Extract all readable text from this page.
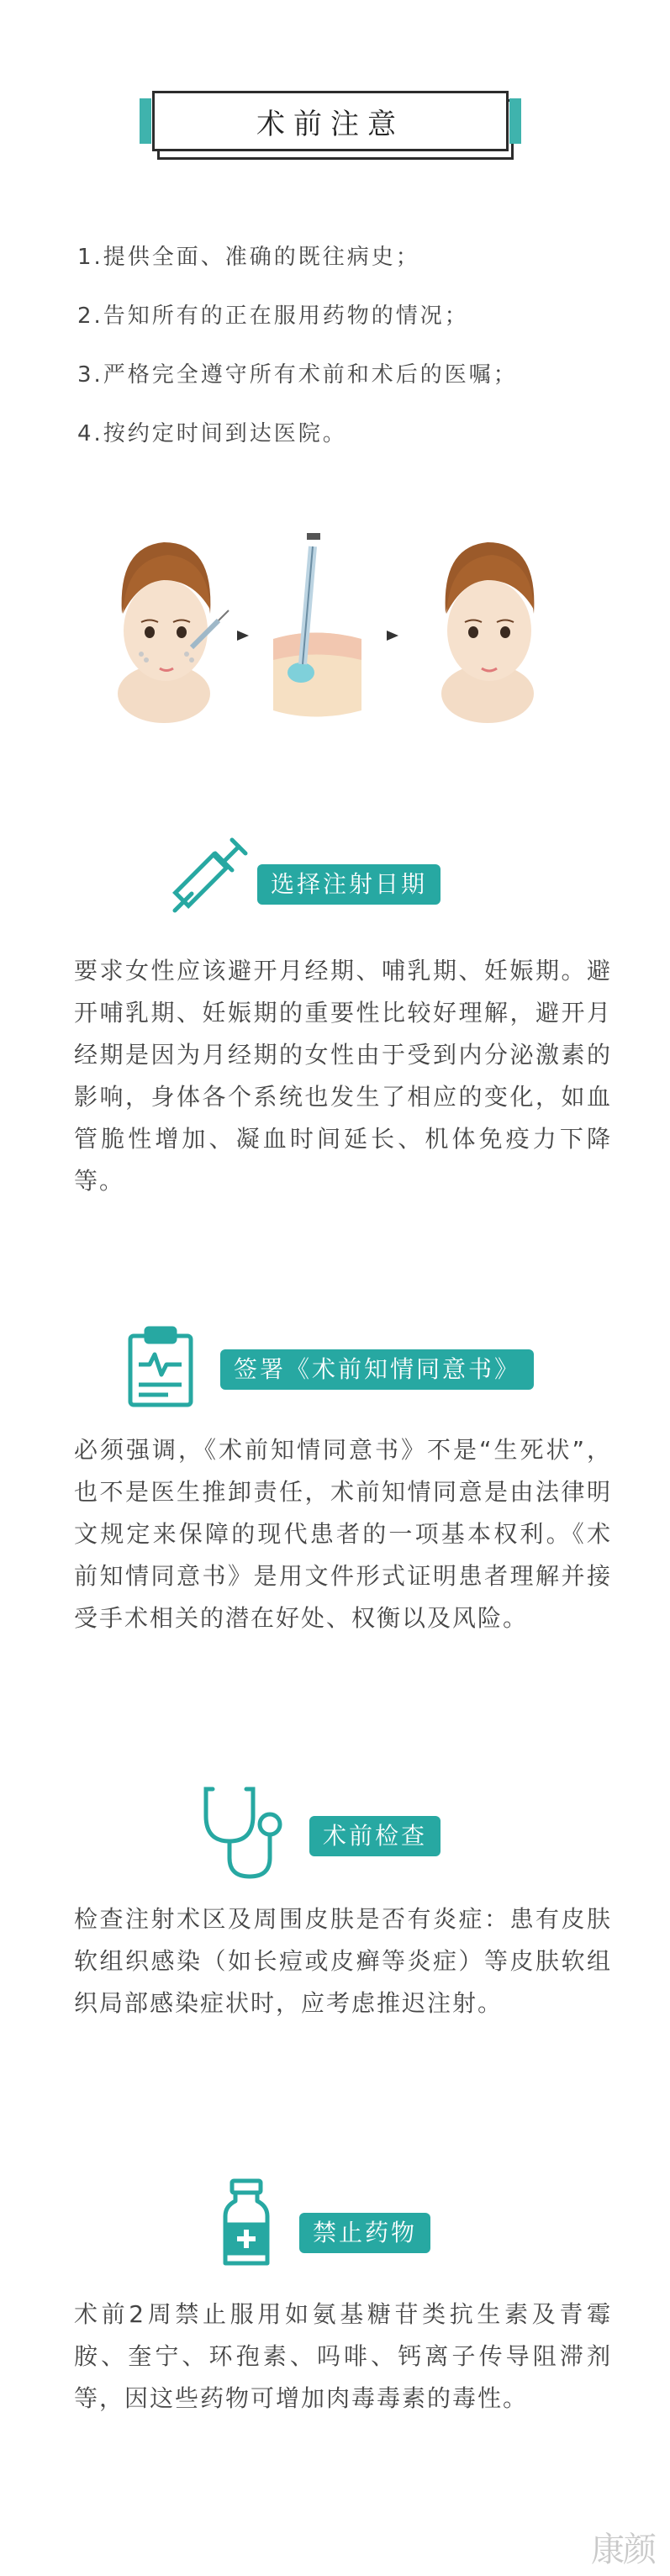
术前注意
1.提供全面、准确的既往病史；
2.告知所有的正在服用药物的情况；
3.严格完全遵守所有术前和术后的医嘱；
4.按约定时间到达医院。
选择注射日期

要求女性应该避开月经期、哺乳期、妊娠期。避开哺乳期、妊娠期的重要性比较好理解，避开月经期是因为月经期的女性由于受到内分泌激素的影响，身体各个系统也发生了相应的变化，如血管脆性增加、凝血时间延长、机体免疫力下降等。

签署《术前知情同意书》

必须强调，《术前知情同意书》不是“生死状”，也不是医生推卸责任，术前知情同意是由法律明文规定来保障的现代患者的一项基本权利。《术前知情同意书》是用文件形式证明患者理解并接受手术相关的潜在好处、权衡以及风险。

术前检查

检查注射术区及周围皮肤是否有炎症：患有皮肤软组织感染（如长痘或皮癣等炎症）等皮肤软组织局部感染症状时，应考虑推迟注射。

禁止药物

术前2周禁止服用如氨基糖苷类抗生素及青霉胺、奎宁、环孢素、吗啡、钙离子传导阻滞剂等，因这些药物可增加肉毒毒素的毒性。

康颜
